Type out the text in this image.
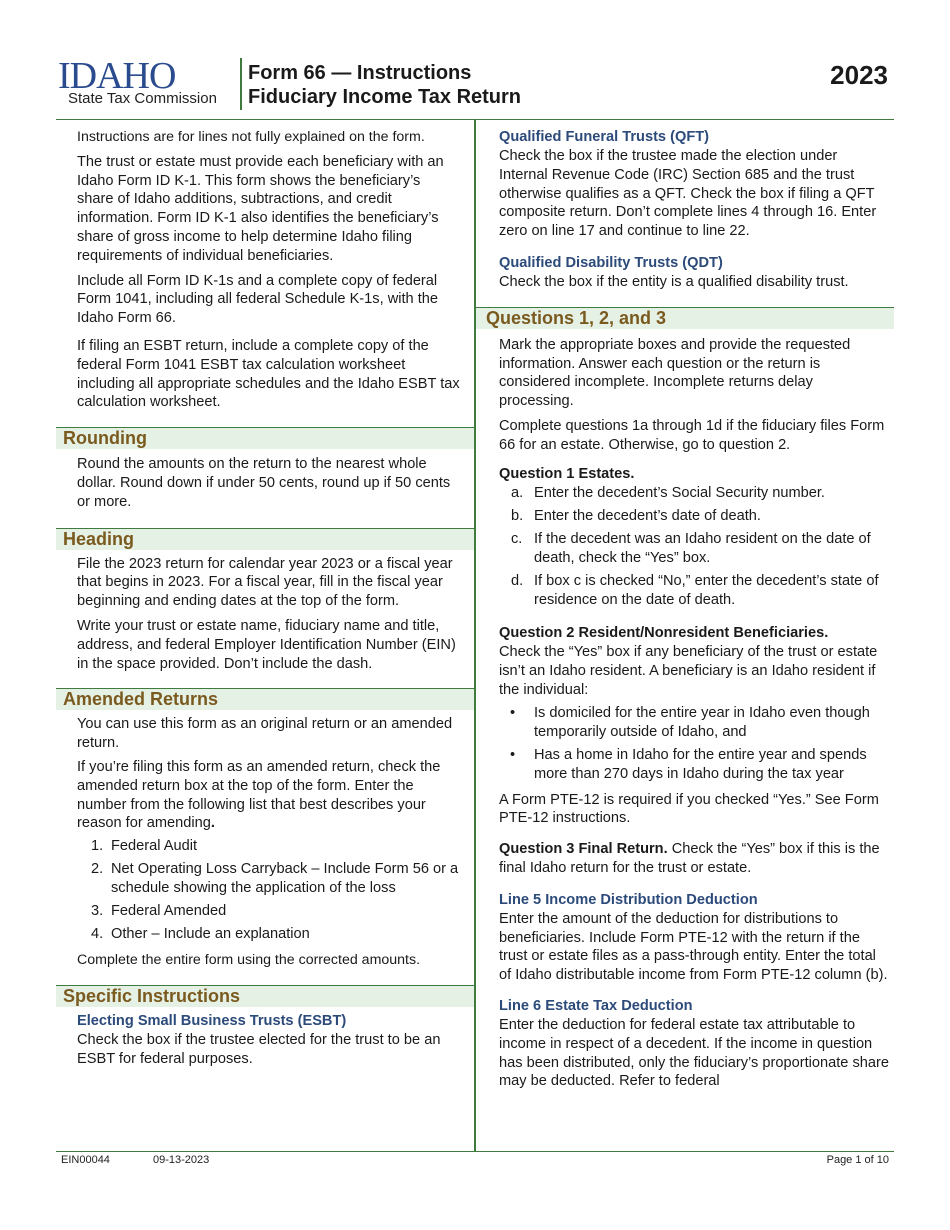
IDAHO
State Tax Commission
Form 66 — Instructions
Fiduciary Income Tax Return
2023

Instructions are for lines not fully explained on the form.

The trust or estate must provide each beneficiary with an Idaho Form ID K-1. This form shows the beneficiary’s share of Idaho additions, subtractions, and credit information. Form ID K-1 also identifies the beneficiary’s share of gross income to help determine Idaho filing requirements of individual beneficiaries.

Include all Form ID K-1s and a complete copy of federal Form 1041, including all federal Schedule K-1s, with the Idaho Form 66.

If filing an ESBT return, include a complete copy of the federal Form 1041 ESBT tax calculation worksheet including all appropriate schedules and the Idaho ESBT tax calculation worksheet.

Rounding

Round the amounts on the return to the nearest whole dollar. Round down if under 50 cents, round up if 50 cents or more.

Heading

File the 2023 return for calendar year 2023 or a fiscal year that begins in 2023. For a fiscal year, fill in the fiscal year beginning and ending dates at the top of the form.

Write your trust or estate name, fiduciary name and title, address, and federal Employer Identification Number (EIN) in the space provided. Don’t include the dash.

Amended Returns

You can use this form as an original return or an amended return.

If you’re filing this form as an amended return, check the amended return box at the top of the form. Enter the number from the following list that best describes your reason for amending.

1. Federal Audit
2. Net Operating Loss Carryback – Include Form 56 or a schedule showing the application of the loss
3. Federal Amended
4. Other – Include an explanation

Complete the entire form using the corrected amounts.

Specific Instructions
Electing Small Business Trusts (ESBT)

Check the box if the trustee elected for the trust to be an ESBT for federal purposes.

Qualified Funeral Trusts (QFT)

Check the box if the trustee made the election under Internal Revenue Code (IRC) Section 685 and the trust otherwise qualifies as a QFT. Check the box if filing a QFT composite return. Don’t complete lines 4 through 16. Enter zero on line 17 and continue to line 22.

Qualified Disability Trusts (QDT)

Check the box if the entity is a qualified disability trust.

Questions 1, 2, and 3

Mark the appropriate boxes and provide the requested information. Answer each question or the return is considered incomplete. Incomplete returns delay processing.

Complete questions 1a through 1d if the fiduciary files Form 66 for an estate. Otherwise, go to question 2.

Question 1 Estates.

a. Enter the decedent’s Social Security number.
b. Enter the decedent’s date of death.
c. If the decedent was an Idaho resident on the date of death, check the “Yes” box.
d. If box c is checked “No,” enter the decedent’s state of residence on the date of death.

Question 2 Resident/Nonresident Beneficiaries.

Check the “Yes” box if any beneficiary of the trust or estate isn’t an Idaho resident. A beneficiary is an Idaho resident if the individual:

• Is domiciled for the entire year in Idaho even though temporarily outside of Idaho, and
• Has a home in Idaho for the entire year and spends more than 270 days in Idaho during the tax year

A Form PTE-12 is required if you checked “Yes.” See Form PTE-12 instructions.

Question 3 Final Return. Check the “Yes” box if this is the final Idaho return for the trust or estate.

Line 5 Income Distribution Deduction

Enter the amount of the deduction for distributions to beneficiaries. Include Form PTE-12 with the return if the trust or estate files as a pass-through entity. Enter the total of Idaho distributable income from Form PTE-12 column (b).

Line 6 Estate Tax Deduction

Enter the deduction for federal estate tax attributable to income in respect of a decedent. If the income in question has been distributed, only the fiduciary’s proportionate share may be deducted. Refer to federal

EIN00044	09-13-2023	Page 1 of 10
